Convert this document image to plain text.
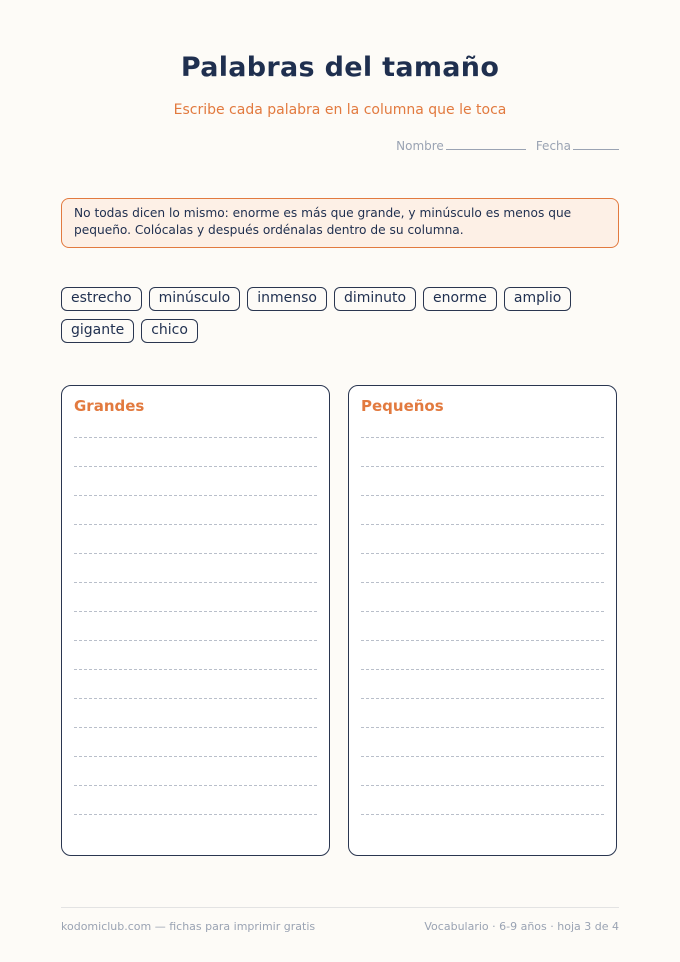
Palabras del tamaño
Escribe cada palabra en la columna que le toca
Nombre	Fecha
No todas dicen lo mismo: enorme es más que grande, y minúsculo es menos que pequeño. Colócalas y después ordénalas dentro de su columna.
estrecho	minúsculo	inmenso	diminuto	enorme	amplio
gigante	chico
Grandes	Pequeños
kodomiclub.com — fichas para imprimir gratis	Vocabulario · 6-9 años · hoja 3 de 4
